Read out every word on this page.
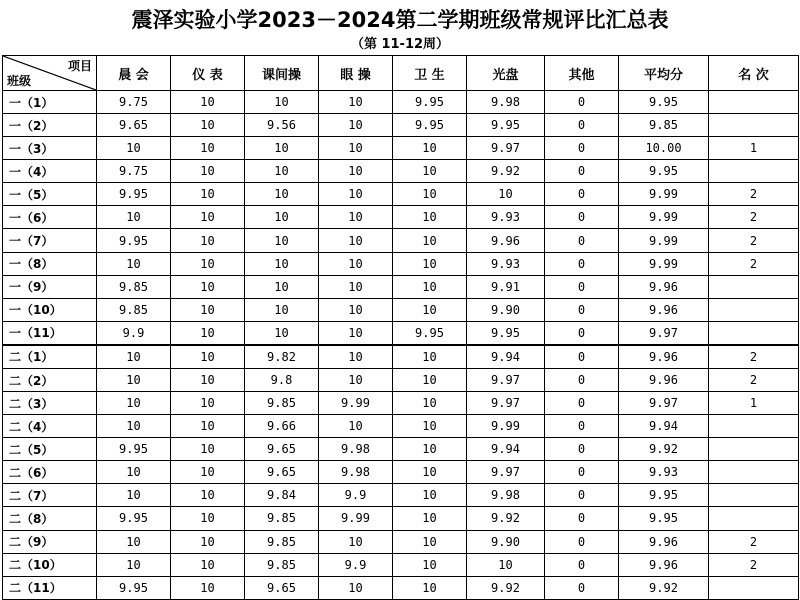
震泽实验小学2023－2024第二学期班级常规评比汇总表
（第 11-12周）
项目
班级	晨 会	仪 表	课间操	眼 操	卫 生	光盘	其他	平均分	名 次
一（1）	9.75	10	10	10	9.95	9.98	0	9.95	
一（2）	9.65	10	9.56	10	9.95	9.95	0	9.85	
一（3）	10	10	10	10	10	9.97	0	10.00	1
一（4）	9.75	10	10	10	10	9.92	0	9.95	
一（5）	9.95	10	10	10	10	10	0	9.99	2
一（6）	10	10	10	10	10	9.93	0	9.99	2
一（7）	9.95	10	10	10	10	9.96	0	9.99	2
一（8）	10	10	10	10	10	9.93	0	9.99	2
一（9）	9.85	10	10	10	10	9.91	0	9.96	
一（10）	9.85	10	10	10	10	9.90	0	9.96	
一（11）	9.9	10	10	10	9.95	9.95	0	9.97	
二（1）	10	10	9.82	10	10	9.94	0	9.96	2
二（2）	10	10	9.8	10	10	9.97	0	9.96	2
二（3）	10	10	9.85	9.99	10	9.97	0	9.97	1
二（4）	10	10	9.66	10	10	9.99	0	9.94	
二（5）	9.95	10	9.65	9.98	10	9.94	0	9.92	
二（6）	10	10	9.65	9.98	10	9.97	0	9.93	
二（7）	10	10	9.84	9.9	10	9.98	0	9.95	
二（8）	9.95	10	9.85	9.99	10	9.92	0	9.95	
二（9）	10	10	9.85	10	10	9.90	0	9.96	2
二（10）	10	10	9.85	9.9	10	10	0	9.96	2
二（11）	9.95	10	9.65	10	10	9.92	0	9.92	
